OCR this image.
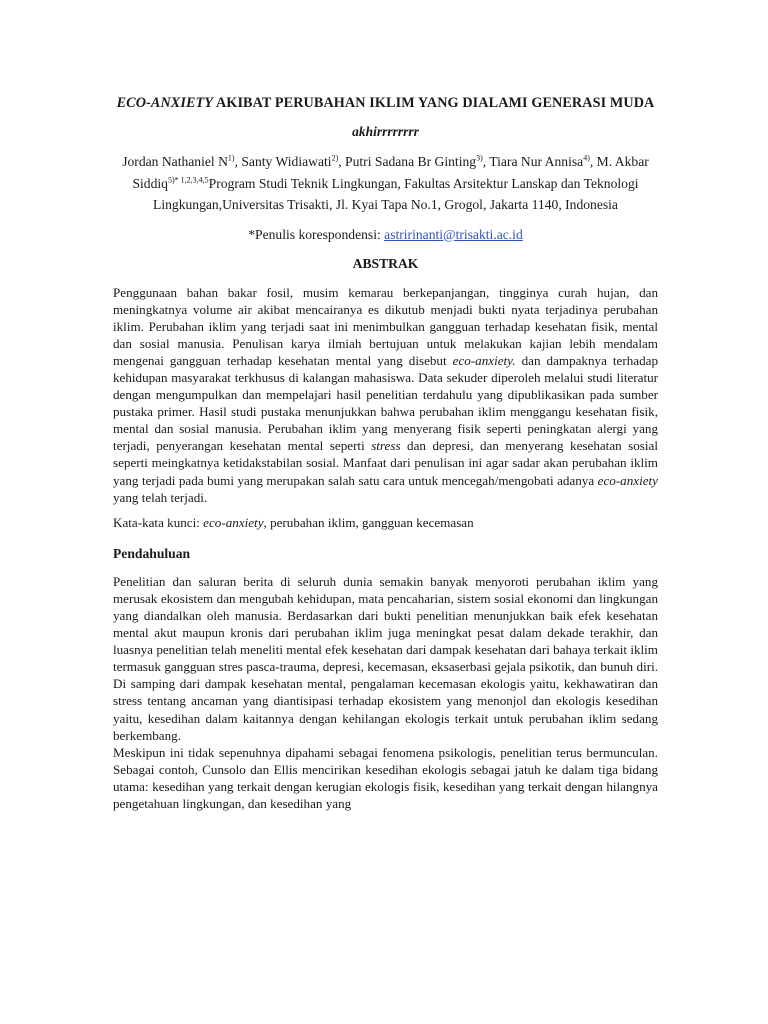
ECO-ANXIETY AKIBAT PERUBAHAN IKLIM YANG DIALAMI GENERASI MUDA
akhirrrrrrrr
Jordan Nathaniel $N^{1)}$, Santy Widiawati$^{2)}$, Putri Sadana Br Ginting$^{3)}$, Tiara Nur Annisa$^{4)}$, M. Akbar Siddiq$^{5)* 1,2,3,4,5}$Program Studi Teknik Lingkungan, Fakultas Arsitektur Lanskap dan Teknologi Lingkungan,Universitas Trisakti, Jl. Kyai Tapa No.1, Grogol, Jakarta 1140, Indonesia
*Penulis korespondensi: astririnanti@trisakti.ac.id
ABSTRAK
Penggunaan bahan bakar fosil, musim kemarau berkepanjangan, tingginya curah hujan, dan meningkatnya volume air akibat mencairanya es dikutub menjadi bukti nyata terjadinya perubahan iklim. Perubahan iklim yang terjadi saat ini menimbulkan gangguan terhadap kesehatan fisik, mental dan sosial manusia. Penulisan karya ilmiah bertujuan untuk melakukan kajian lebih mendalam mengenai gangguan terhadap kesehatan mental yang disebut eco-anxiety. dan dampaknya terhadap kehidupan masyarakat terkhusus di kalangan mahasiswa. Data sekuder diperoleh melalui studi literatur dengan mengumpulkan dan mempelajari hasil penelitian terdahulu yang dipublikasikan pada sumber pustaka primer. Hasil studi pustaka menunjukkan bahwa perubahan iklim menggangu kesehatan fisik, mental dan sosial manusia. Perubahan iklim yang menyerang fisik seperti peningkatan alergi yang terjadi, penyerangan kesehatan mental seperti stress dan depresi, dan menyerang kesehatan sosial seperti meingkatnya ketidakstabilan sosial. Manfaat dari penulisan ini agar sadar akan perubahan iklim yang terjadi pada bumi yang merupakan salah satu cara untuk mencegah/mengobati adanya eco-anxiety yang telah terjadi.
Kata-kata kunci: eco-anxiety, perubahan iklim, gangguan kecemasan
Pendahuluan
Penelitian dan saluran berita di seluruh dunia semakin banyak menyoroti perubahan iklim yang merusak ekosistem dan mengubah kehidupan, mata pencaharian, sistem sosial ekonomi dan lingkungan yang diandalkan oleh manusia. Berdasarkan dari bukti penelitian menunjukkan baik efek kesehatan mental akut maupun kronis dari perubahan iklim juga meningkat pesat dalam dekade terakhir, dan luasnya penelitian telah meneliti mental efek kesehatan dari dampak kesehatan dari bahaya terkait iklim termasuk gangguan stres pasca-trauma, depresi, kecemasan, eksaserbasi gejala psikotik, dan bunuh diri. Di samping dari dampak kesehatan mental, pengalaman kecemasan ekologis yaitu, kekhawatiran dan stress tentang ancaman yang diantisipasi terhadap ekosistem yang menonjol dan ekologis kesedihan yaitu, kesedihan dalam kaitannya dengan kehilangan ekologis terkait untuk perubahan iklim sedang berkembang.
Meskipun ini tidak sepenuhnya dipahami sebagai fenomena psikologis, penelitian terus bermunculan. Sebagai contoh, Cunsolo dan Ellis mencirikan kesedihan ekologis sebagai jatuh ke dalam tiga bidang utama: kesedihan yang terkait dengan kerugian ekologis fisik, kesedihan yang terkait dengan hilangnya pengetahuan lingkungan, dan kesedihan yang
